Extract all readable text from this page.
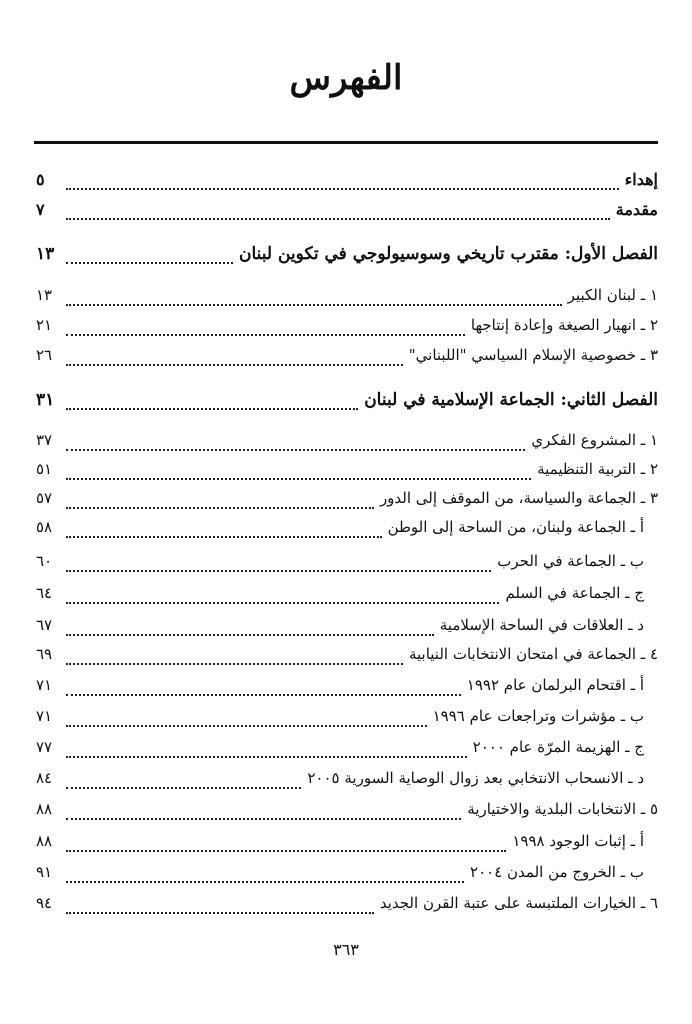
الفهرس
إهداء
٥
مقدمة
٧
الفصل الأول: مقترب تاريخي وسوسيولوجي في تكوين لبنان
١٣
١ ـ لبنان الكبير
١٣
٢ ـ انهيار الصيغة وإعادة إنتاجها
٢١
٣ ـ خصوصية الإسلام السياسي "اللبناني"
٢٦
الفصل الثاني: الجماعة الإسلامية في لبنان
٣١
١ ـ المشروع الفكري
٣٧
٢ ـ التربية التنظيمية
٥١
٣ ـ الجماعة والسياسة، من الموقف إلى الدور
٥٧
أ ـ الجماعة ولبنان، من الساحة إلى الوطن
٥٨
ب ـ الجماعة في الحرب
٦٠
ج ـ الجماعة في السلم
٦٤
د ـ العلاقات في الساحة الإسلامية
٦٧
٤ ـ الجماعة في امتحان الانتخابات النيابية
٦٩
أ ـ اقتحام البرلمان عام ١٩٩٢
٧١
ب ـ مؤشرات وتراجعات عام ١٩٩٦
٧١
ج ـ الهزيمة المرّة عام ٢٠٠٠
٧٧
د ـ الانسحاب الانتخابي بعد زوال الوصاية السورية ٢٠٠٥
٨٤
٥ ـ الانتخابات البلدية والاختيارية
٨٨
أ ـ إثبات الوجود ١٩٩٨
٨٨
ب ـ الخروج من المدن ٢٠٠٤
٩١
٦ ـ الخيارات الملتبسة على عتبة القرن الجديد
٩٤
٣٦٣
